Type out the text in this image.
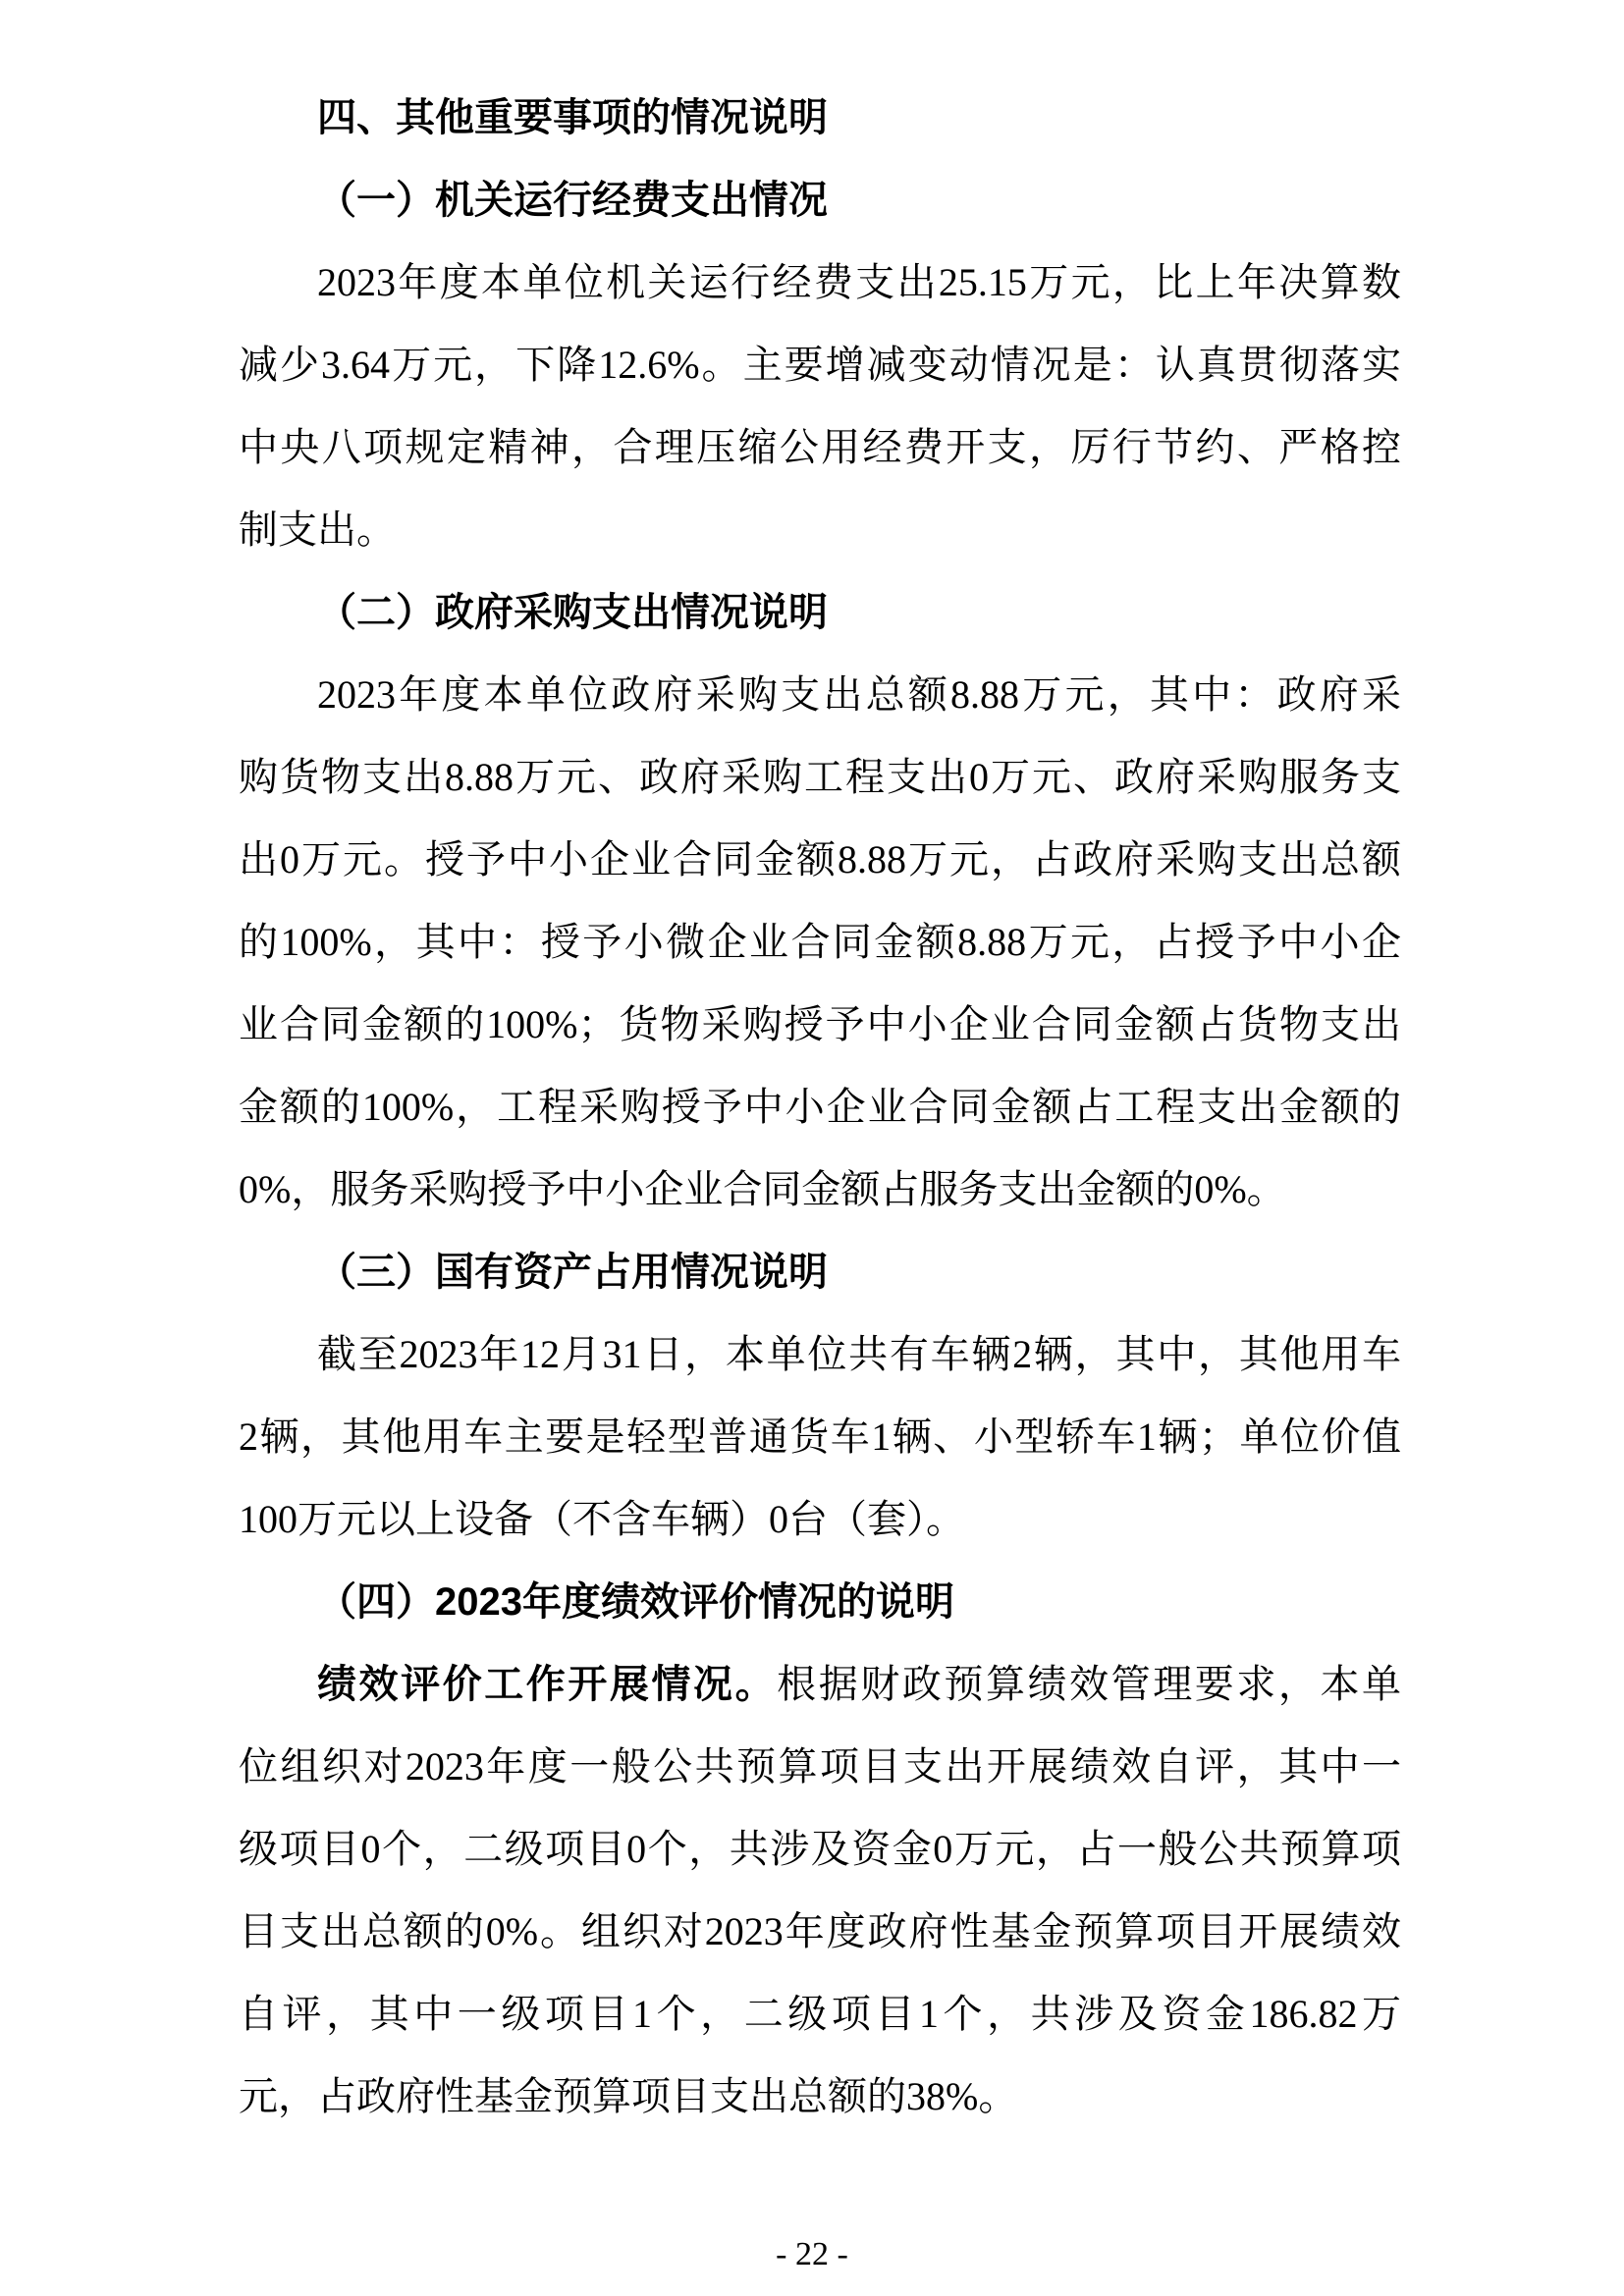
四、其他重要事项的情况说明
（一）机关运行经费支出情况
2023年度本单位机关运行经费支出25.15万元，比上年决算数
减少3.64万元，下降12.6%。主要增减变动情况是：认真贯彻落实
中央八项规定精神，合理压缩公用经费开支，厉行节约、严格控
制支出。
（二）政府采购支出情况说明
2023年度本单位政府采购支出总额8.88万元，其中：政府采
购货物支出8.88万元、政府采购工程支出0万元、政府采购服务支
出0万元。授予中小企业合同金额8.88万元，占政府采购支出总额
的100%，其中：授予小微企业合同金额8.88万元，占授予中小企
业合同金额的100%；货物采购授予中小企业合同金额占货物支出
金额的100%，工程采购授予中小企业合同金额占工程支出金额的
0%，服务采购授予中小企业合同金额占服务支出金额的0%。
（三）国有资产占用情况说明
截至2023年12月31日，本单位共有车辆2辆，其中，其他用车
2辆，其他用车主要是轻型普通货车1辆、小型轿车1辆；单位价值
100万元以上设备（不含车辆）0台（套）。
（四）2023年度绩效评价情况的说明
绩效评价工作开展情况。根据财政预算绩效管理要求，本单
位组织对2023年度一般公共预算项目支出开展绩效自评，其中一
级项目0个，二级项目0个，共涉及资金0万元，占一般公共预算项
目支出总额的0%。组织对2023年度政府性基金预算项目开展绩效
自评，其中一级项目1个，二级项目1个，共涉及资金186.82万
元，占政府性基金预算项目支出总额的38%。
- 22 -
